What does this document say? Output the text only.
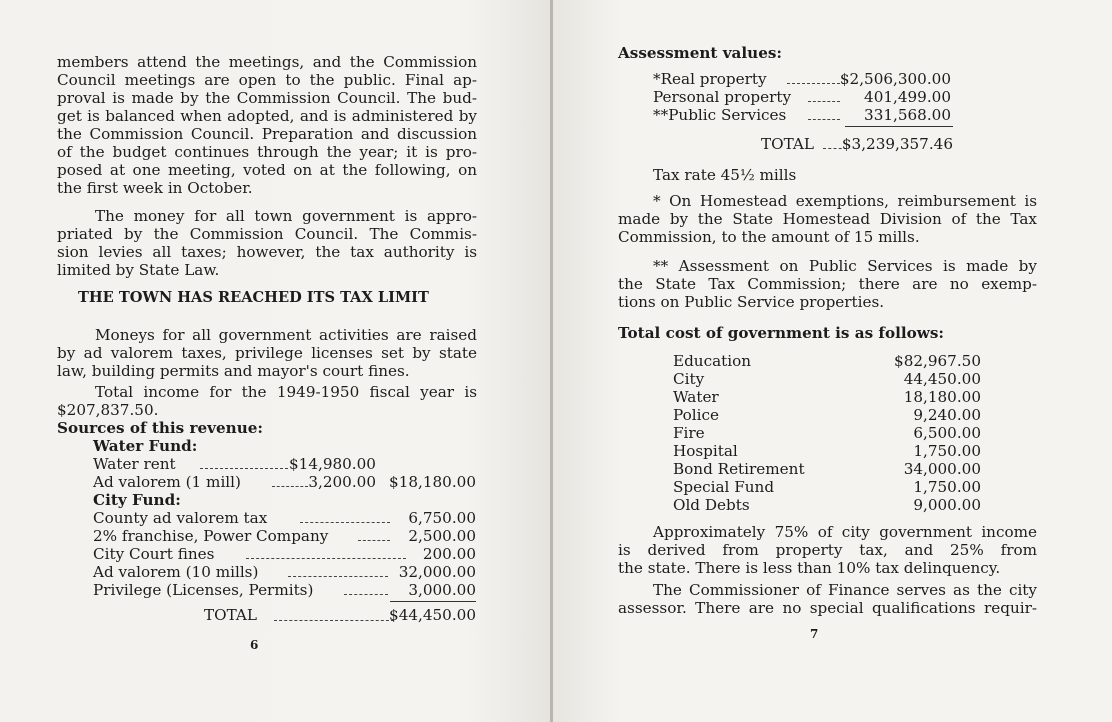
members attend the meetings, and the Commission
Council meetings are open to the public. Final ap-
proval is made by the Commission Council. The bud-
get is balanced when adopted, and is administered by
the Commission Council. Preparation and discussion
of the budget continues through the year; it is pro-
posed at one meeting, voted on at the following, on
the first week in October.
The money for all town government is appro-
priated by the Commission Council. The Commis-
sion levies all taxes; however, the tax authority is
limited by State Law.
THE TOWN HAS REACHED ITS TAX LIMIT
Moneys for all government activities are raised
by ad valorem taxes, privilege licenses set by state
law, building permits and mayor's court fines.
Total income for the 1949-1950 fiscal year is
$207,837.50.
Sources of this revenue:
Water Fund:
Water rent	$14,980.00
Ad valorem (1 mill)	3,200.00 $18,180.00
City Fund:
County ad valorem tax	6,750.00
2% franchise, Power Company	2,500.00
City Court fines	200.00
Ad valorem (10 mills)	32,000.00
Privilege (Licenses, Permits)	3,000.00
TOTAL	$44,450.00
6
Assessment values:
*Real property	$2,506,300.00
Personal property	401,499.00
**Public Services	331,568.00
TOTAL	$3,239,357.46
Tax rate 45½ mills
* On Homestead exemptions, reimbursement is
made by the State Homestead Division of the Tax
Commission, to the amount of 15 mills.
** Assessment on Public Services is made by
the State Tax Commission; there are no exemp-
tions on Public Service properties.
Total cost of government is as follows:
Education	$82,967.50
City	44,450.00
Water	18,180.00
Police	9,240.00
Fire	6,500.00
Hospital	1,750.00
Bond Retirement	34,000.00
Special Fund	1,750.00
Old Debts	9,000.00
Approximately 75% of city government income
is derived from property tax, and 25% from
the state. There is less than 10% tax delinquency.
The Commissioner of Finance serves as the city
assessor. There are no special qualifications requir-
7
